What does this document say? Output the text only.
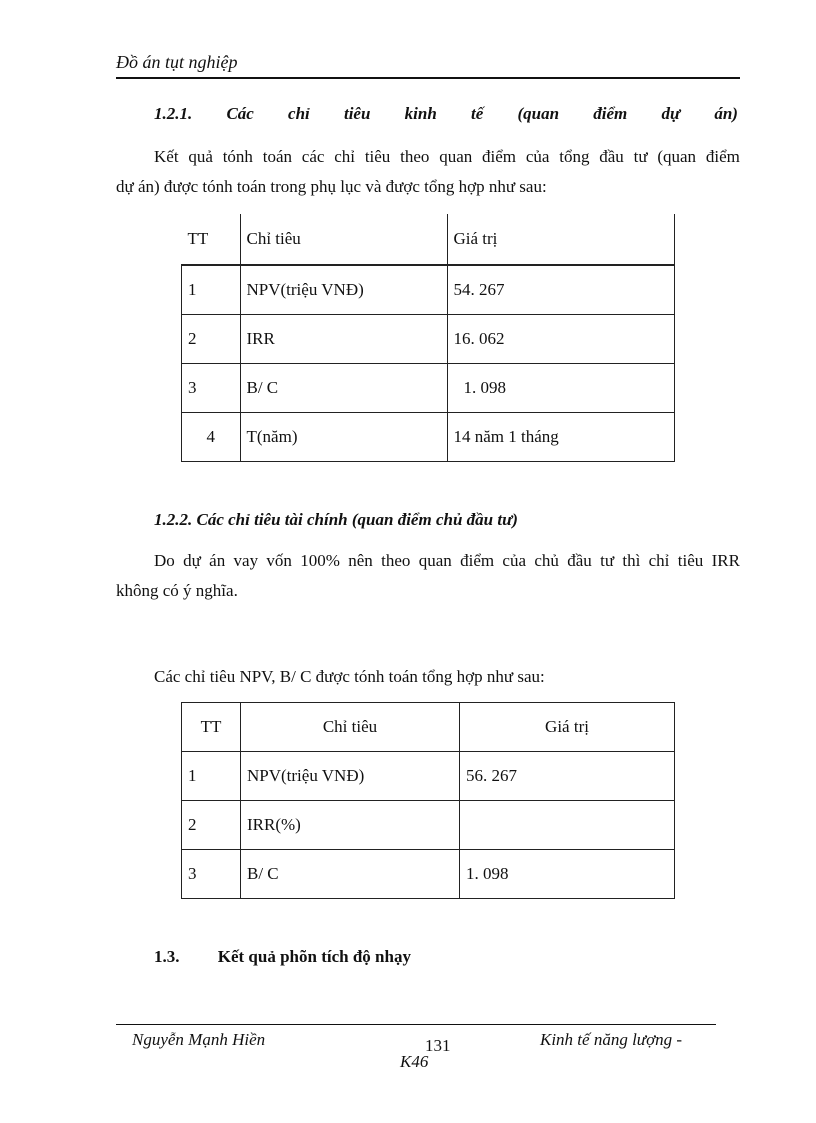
Đồ án tụt nghiệp
1.2.1. Các chỉ tiêu kinh tế (quan điểm dự án)
Kết quả tónh toán các chỉ tiêu theo quan điểm của tổng đầu tư (quan điểm
dự án) được tónh toán trong phụ lục và được tổng hợp như sau:
TT	Chỉ tiêu	Giá trị
1	NPV(triệu VNĐ)	54. 267
2	IRR	16. 062
3	B/ C	1. 098
4	T(năm)	14 năm 1 tháng
1.2.2. Các chỉ tiêu tài chính (quan điểm chủ đầu tư)
Do dự án vay vốn 100% nên theo quan điểm của chủ đầu tư thì chỉ tiêu IRR
không có ý nghĩa.
Các chỉ tiêu NPV, B/ C được tónh toán tổng hợp như sau:
TT	Chỉ tiêu	Giá trị
1	NPV(triệu VNĐ)	56. 267
2	IRR(%)	
3	B/ C	1. 098
1.3. Kết quả phõn tích độ nhạy
Nguyễn Mạnh Hiền	131	Kinh tế năng lượng -
K46
